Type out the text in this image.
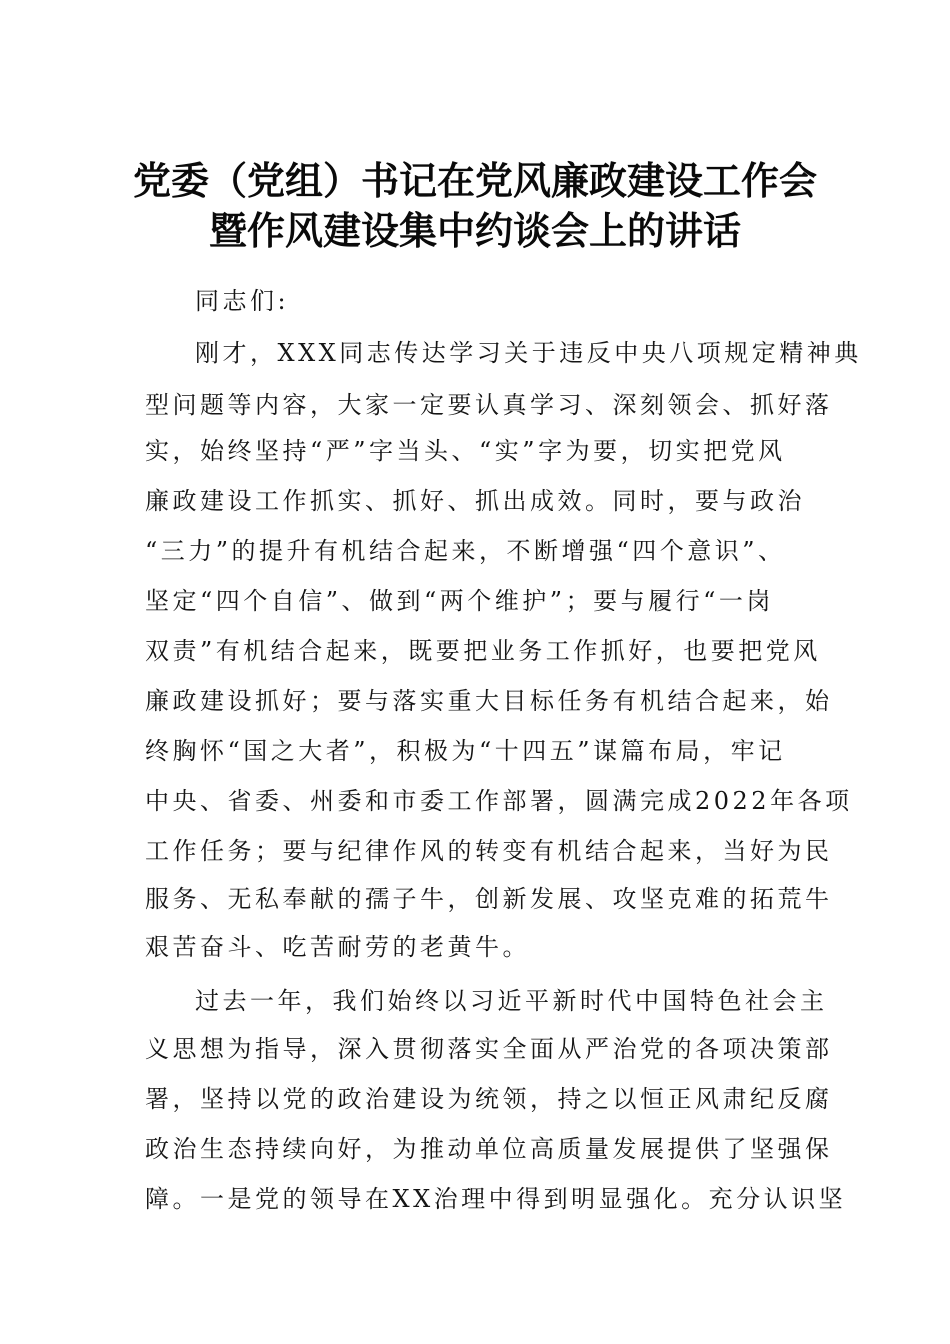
党委（党组）书记在党风廉政建设工作会
暨作风建设集中约谈会上的讲话
同志们:
刚才，XXX同志传达学习关于违反中央八项规定精神典
型问题等内容，大家一定要认真学习、深刻领会、抓好落
实，始终坚持“严”字当头、“实”字为要，切实把党风
廉政建设工作抓实、抓好、抓出成效。同时，要与政治
“三力”的提升有机结合起来，不断增强“四个意识”、
坚定“四个自信”、做到“两个维护”；要与履行“一岗
双责”有机结合起来，既要把业务工作抓好，也要把党风
廉政建设抓好；要与落实重大目标任务有机结合起来，始
终胸怀“国之大者”，积极为“十四五”谋篇布局，牢记
中央、省委、州委和市委工作部署，圆满完成2022年各项
工作任务；要与纪律作风的转变有机结合起来，当好为民
服务、无私奉献的孺子牛，创新发展、攻坚克难的拓荒牛
艰苦奋斗、吃苦耐劳的老黄牛。
过去一年，我们始终以习近平新时代中国特色社会主
义思想为指导，深入贯彻落实全面从严治党的各项决策部
署，坚持以党的政治建设为统领，持之以恒正风肃纪反腐
政治生态持续向好，为推动单位高质量发展提供了坚强保
障。一是党的领导在XX治理中得到明显强化。充分认识坚
